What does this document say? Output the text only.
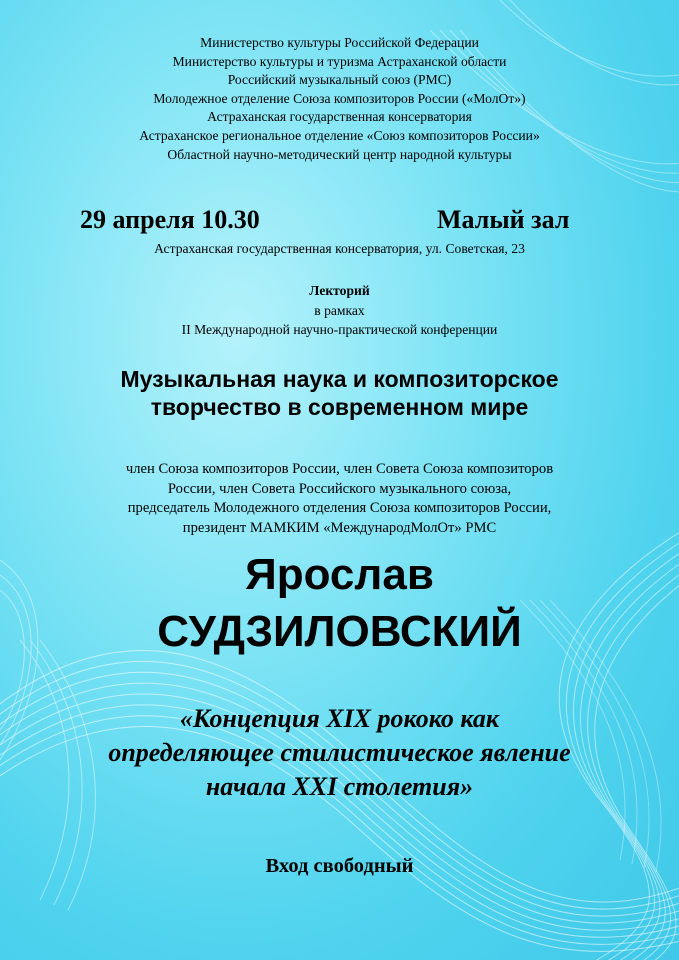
Министерство культуры Российской Федерации
Министерство культуры и туризма Астраханской области
Российский музыкальный союз (РМС)
Молодежное отделение Союза композиторов России («МолОт»)
Астраханская государственная консерватория
Астраханское региональное отделение «Союз композиторов России»
Областной научно-методический центр народной культуры
29 апреля 10.30	Малый зал
Астраханская государственная консерватория, ул. Советская, 23
Лекторий
в рамках
II Международной научно-практической конференции
Музыкальная наука и композиторское
творчество в современном мире
член Союза композиторов России, член Совета Союза композиторов
России, член Совета Российского музыкального союза,
председатель Молодежного отделения Союза композиторов России,
президент МАМКИМ «МеждународМолОт» РМС
Ярослав
СУДЗИЛОВСКИЙ
«Концепция XIX рококо как
определяющее стилистическое явление
начала XXI столетия»
Вход свободный
